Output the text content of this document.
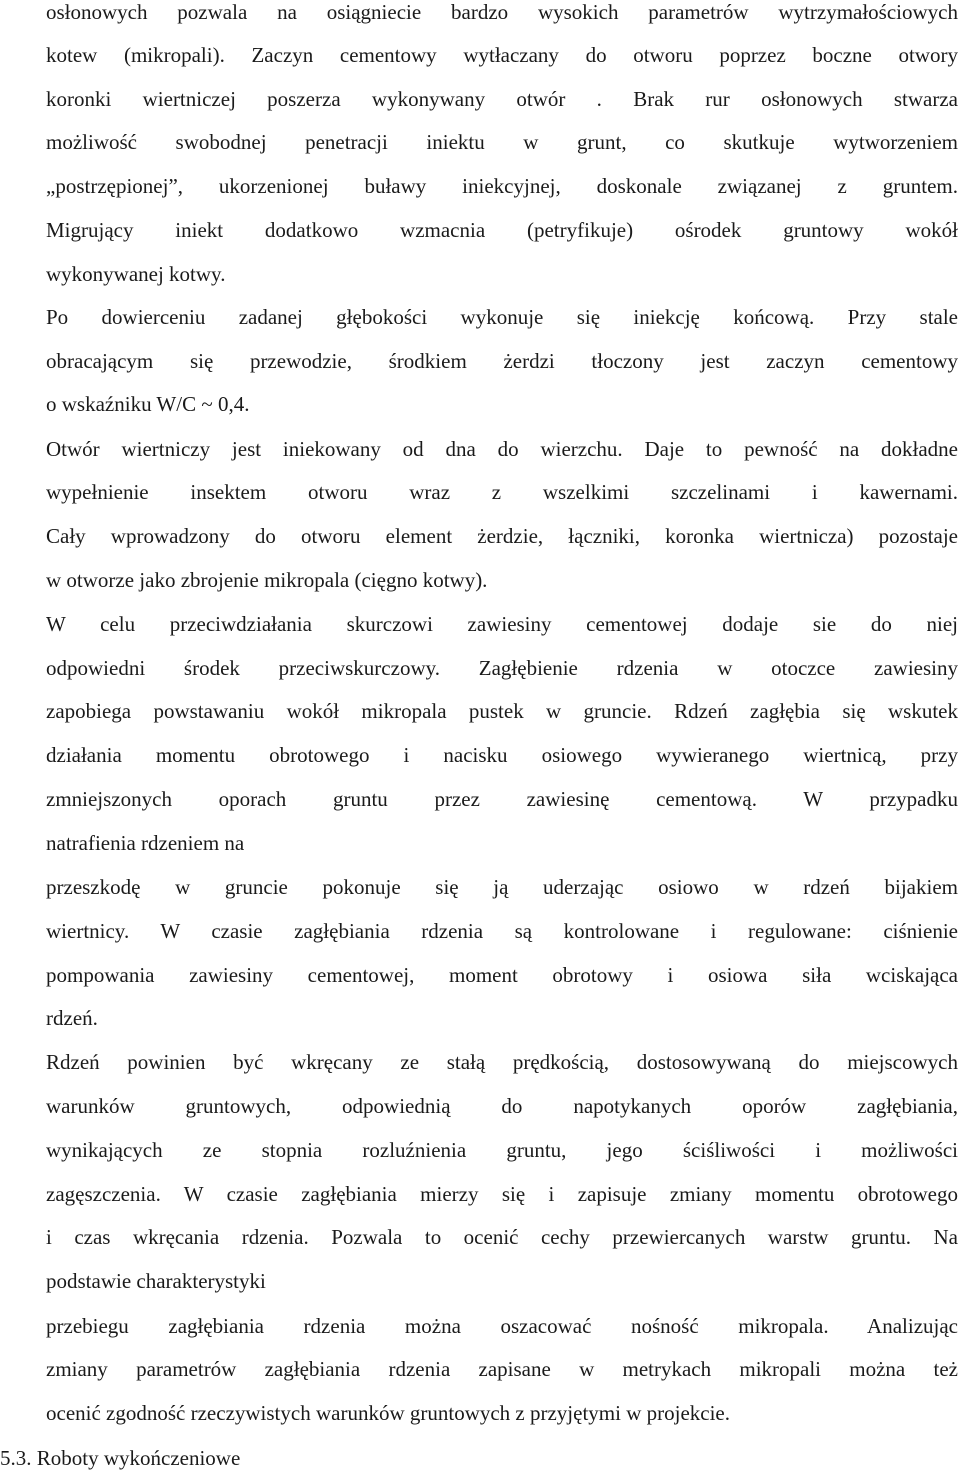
osłonowych pozwala na osiągniecie bardzo wysokich parametrów wytrzymałościowych
kotew (mikropali). Zaczyn cementowy wytłaczany do otworu poprzez boczne otwory
koronki wiertniczej poszerza wykonywany otwór . Brak rur osłonowych stwarza
możliwość swobodnej penetracji iniektu w grunt, co skutkuje wytworzeniem
„postrzępionej”, ukorzenionej buławy iniekcyjnej, doskonale związanej z gruntem.
Migrujący iniekt dodatkowo wzmacnia (petryfikuje) ośrodek gruntowy wokół
wykonywanej kotwy.
Po dowierceniu zadanej głębokości wykonuje się iniekcję końcową. Przy stale
obracającym się przewodzie, środkiem żerdzi tłoczony jest zaczyn cementowy
o wskaźniku W/C ~ 0,4.
Otwór wiertniczy jest iniekowany od dna do wierzchu. Daje to pewność na dokładne
wypełnienie insektem otworu wraz z wszelkimi szczelinami i kawernami.
Cały wprowadzony do otworu element żerdzie, łączniki, koronka wiertnicza) pozostaje
w otworze jako zbrojenie mikropala (cięgno kotwy).
W celu przeciwdziałania skurczowi zawiesiny cementowej dodaje sie do niej
odpowiedni środek przeciwskurczowy. Zagłębienie rdzenia w otoczce zawiesiny
zapobiega powstawaniu wokół mikropala pustek w gruncie. Rdzeń zagłębia się wskutek
działania momentu obrotowego i nacisku osiowego wywieranego wiertnicą, przy
zmniejszonych oporach gruntu przez zawiesinę cementową. W przypadku
natrafienia rdzeniem na
przeszkodę w gruncie pokonuje się ją uderzając osiowo w rdzeń bijakiem
wiertnicy. W czasie zagłębiania rdzenia są kontrolowane i regulowane: ciśnienie
pompowania zawiesiny cementowej, moment obrotowy i osiowa siła wciskająca
rdzeń.
Rdzeń powinien być wkręcany ze stałą prędkością, dostosowywaną do miejscowych
warunków gruntowych, odpowiednią do napotykanych oporów zagłębiania,
wynikających ze stopnia rozluźnienia gruntu, jego ściśliwości i możliwości
zagęszczenia. W czasie zagłębiania mierzy się i zapisuje zmiany momentu obrotowego
i czas wkręcania rdzenia. Pozwala to ocenić cechy przewiercanych warstw gruntu. Na
podstawie charakterystyki
przebiegu zagłębiania rdzenia można oszacować nośność mikropala. Analizując
zmiany parametrów zagłębiania rdzenia zapisane w metrykach mikropali można też
ocenić zgodność rzeczywistych warunków gruntowych z przyjętymi w projekcie.
5.3. Roboty wykończeniowe
